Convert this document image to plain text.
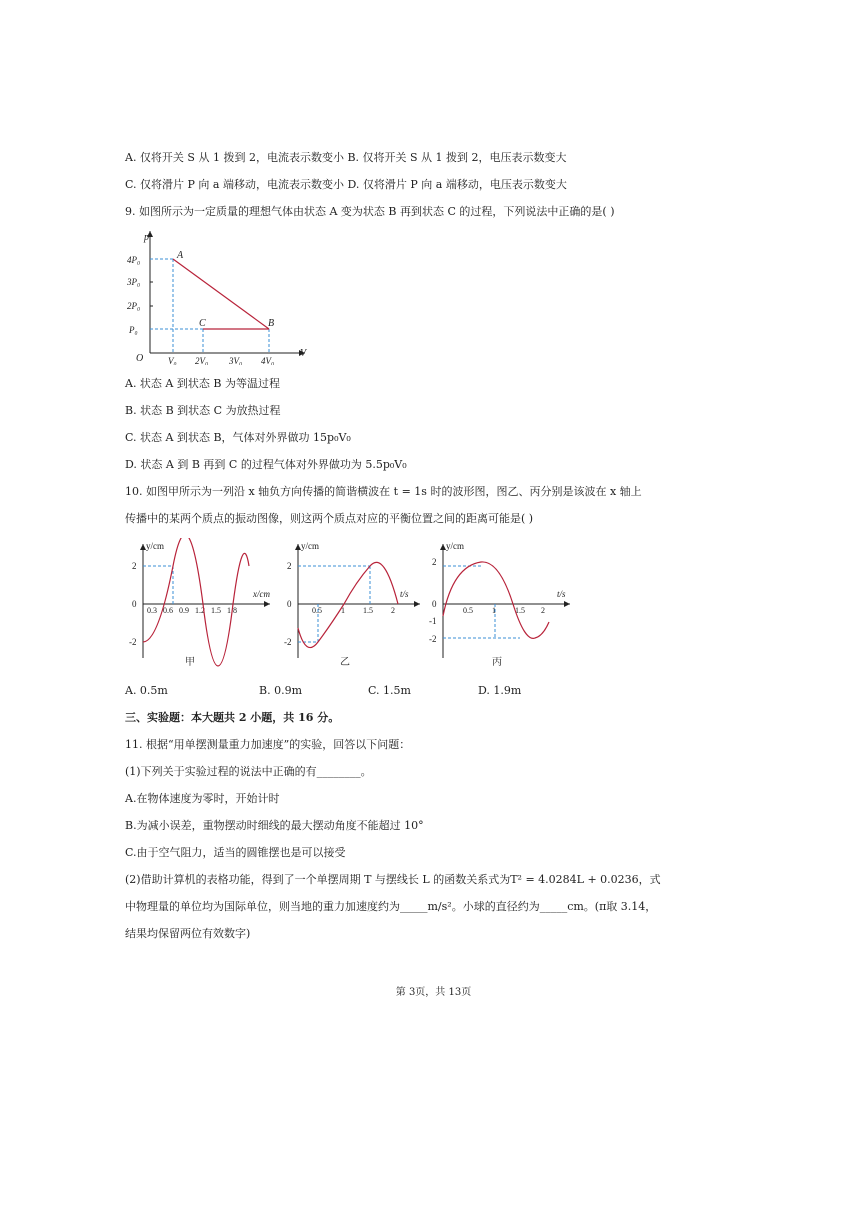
A. 仅将开关 S 从 1 拨到 2，电流表示数变小 B. 仅将开关 S 从 1 拨到 2，电压表示数变大
C. 仅将滑片 P 向 a 端移动，电流表示数变小 D. 仅将滑片 P 向 a 端移动，电压表示数变大
9. 如图所示为一定质量的理想气体由状态 A 变为状态 B 再到状态 C 的过程，下列说法中正确的是( )
p
V
O
4P₀
3P₀
2P₀
P₀
V₀ 2V₀ 3V₀ 4V₀
A
B
C
A. 状态 A 到状态 B 为等温过程
B. 状态 B 到状态 C 为放热过程
C. 状态 A 到状态 B，气体对外界做功 15p₀V₀
D. 状态 A 到 B 再到 C 的过程气体对外界做功为 5.5p₀V₀
10. 如图甲所示为一列沿 x 轴负方向传播的简谐横波在 t = 1s 时的波形图，图乙、丙分别是该波在 x 轴上
传播中的某两个质点的振动图像，则这两个质点对应的平衡位置之间的距离可能是( )
y/cm
x/cm
2
0
-2
0.3 0.6 0.9 1.2 1.5 1.8
甲
y/cm
t/s
2
0
-2
0.5 1 1.5 2
乙
y/cm
t/s
2
0
-1
-2
0.5 1 1.5 2
丙
A. 0.5m	B. 0.9m	C. 1.5m	D. 1.9m
三、实验题：本大题共 2 小题，共 16 分。
11. 根据“用单摆测量重力加速度”的实验，回答以下问题：
(1)下列关于实验过程的说法中正确的有________。
A.在物体速度为零时，开始计时
B.为减小误差，重物摆动时细线的最大摆动角度不能超过 10°
C.由于空气阻力，适当的圆锥摆也是可以接受
(2)借助计算机的表格功能，得到了一个单摆周期 T 与摆线长 L 的函数关系式为T² = 4.0284L + 0.0236，式
中物理量的单位均为国际单位，则当地的重力加速度约为_____m/s²。小球的直径约为_____cm。(π取 3.14，
结果均保留两位有效数字)
第 3页，共 13页
